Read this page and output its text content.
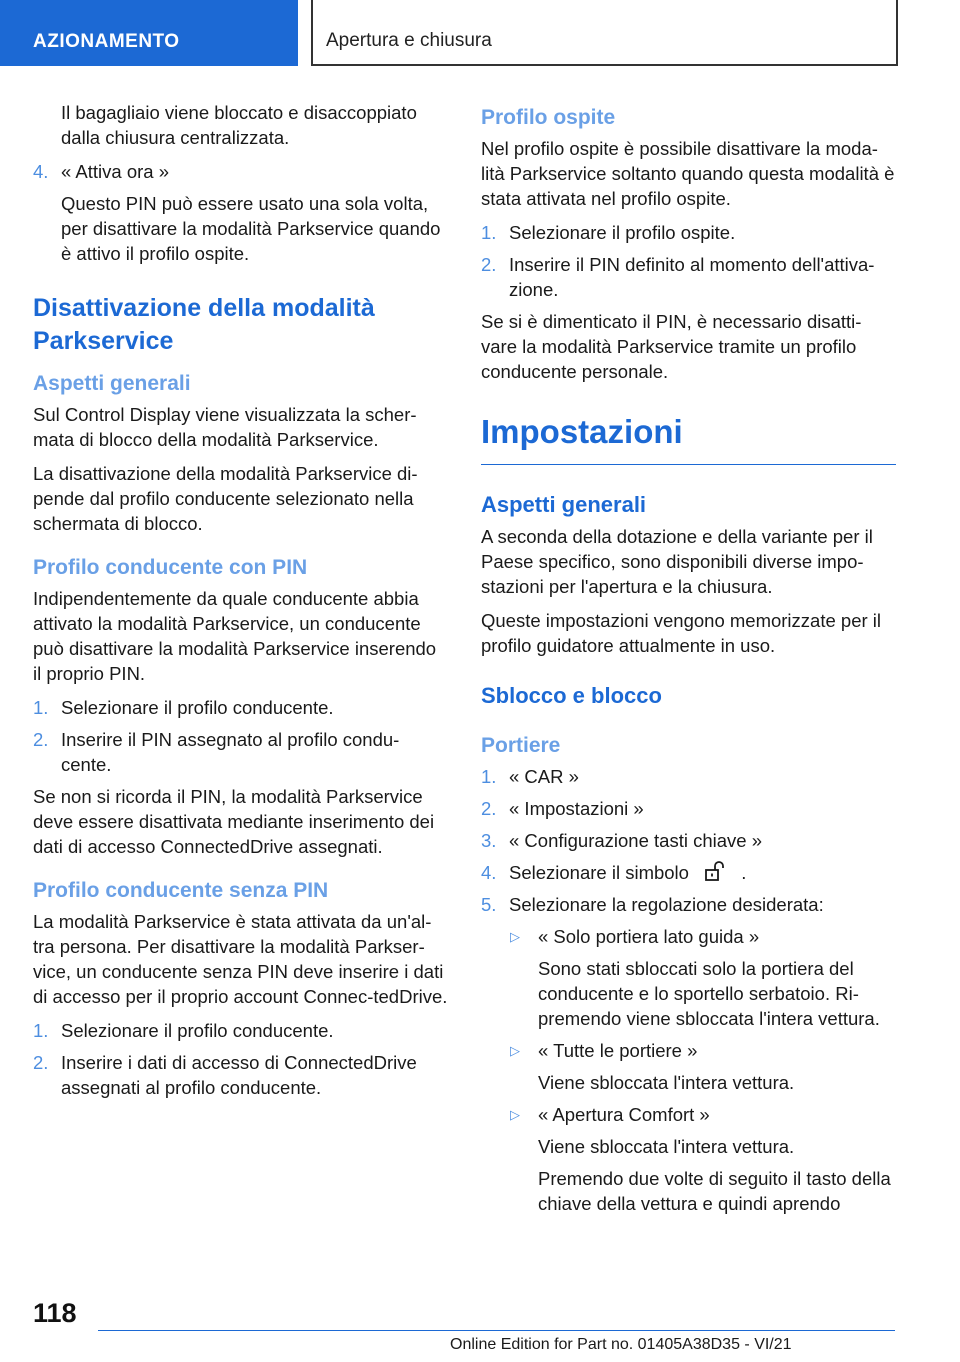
AZIONAMENTO	Apertura e chiusura

Il bagagliaio viene bloccato e disaccoppiato dalla chiusura centralizzata.

4. « Attiva ora »

Questo PIN può essere usato una sola volta, per disattivare la modalità Parkservice quando è attivo il profilo ospite.

Disattivazione della modalità Parkservice
Aspetti generali

Sul Control Display viene visualizzata la scher-mata di blocco della modalità Parkservice.

La disattivazione della modalità Parkservice di-pende dal profilo conducente selezionato nella schermata di blocco.

Profilo conducente con PIN

Indipendentemente da quale conducente abbia attivato la modalità Parkservice, un conducente può disattivare la modalità Parkservice inserendo il proprio PIN.

1. Selezionare il profilo conducente.
2. Inserire il PIN assegnato al profilo condu-cente.

Se non si ricorda il PIN, la modalità Parkservice deve essere disattivata mediante inserimento dei dati di accesso ConnectedDrive assegnati.

Profilo conducente senza PIN

La modalità Parkservice è stata attivata da un'al-tra persona. Per disattivare la modalità Parkser-vice, un conducente senza PIN deve inserire i dati di accesso per il proprio account Connec-tedDrive.

1. Selezionare il profilo conducente.
2. Inserire i dati di accesso di ConnectedDrive assegnati al profilo conducente.
Profilo ospite

Nel profilo ospite è possibile disattivare la moda-lità Parkservice soltanto quando questa modalità è stata attivata nel profilo ospite.

1. Selezionare il profilo ospite.
2. Inserire il PIN definito al momento dell'attiva-zione.

Se si è dimenticato il PIN, è necessario disatti-vare la modalità Parkservice tramite un profilo conducente personale.

Impostazioni
Aspetti generali

A seconda della dotazione e della variante per il Paese specifico, sono disponibili diverse impo-stazioni per l'apertura e la chiusura.

Queste impostazioni vengono memorizzate per il profilo guidatore attualmente in uso.

Sblocco e blocco
Portiere
1. « CAR »
2. « Impostazioni »
3. « Configurazione tasti chiave »
4. Selezionare il simbolo	.
5. Selezionare la regolazione desiderata:
▷ « Solo portiera lato guida »

Sono stati sbloccati solo la portiera del conducente e lo sportello serbatoio. Ri-premendo viene sbloccata l'intera vettura.

▷ « Tutte le portiere »

Viene sbloccata l'intera vettura.

▷ « Apertura Comfort »

Viene sbloccata l'intera vettura.

Premendo due volte di seguito il tasto della chiave della vettura e quindi aprendo

118
Online Edition for Part no. 01405A38D35 - VI/21
